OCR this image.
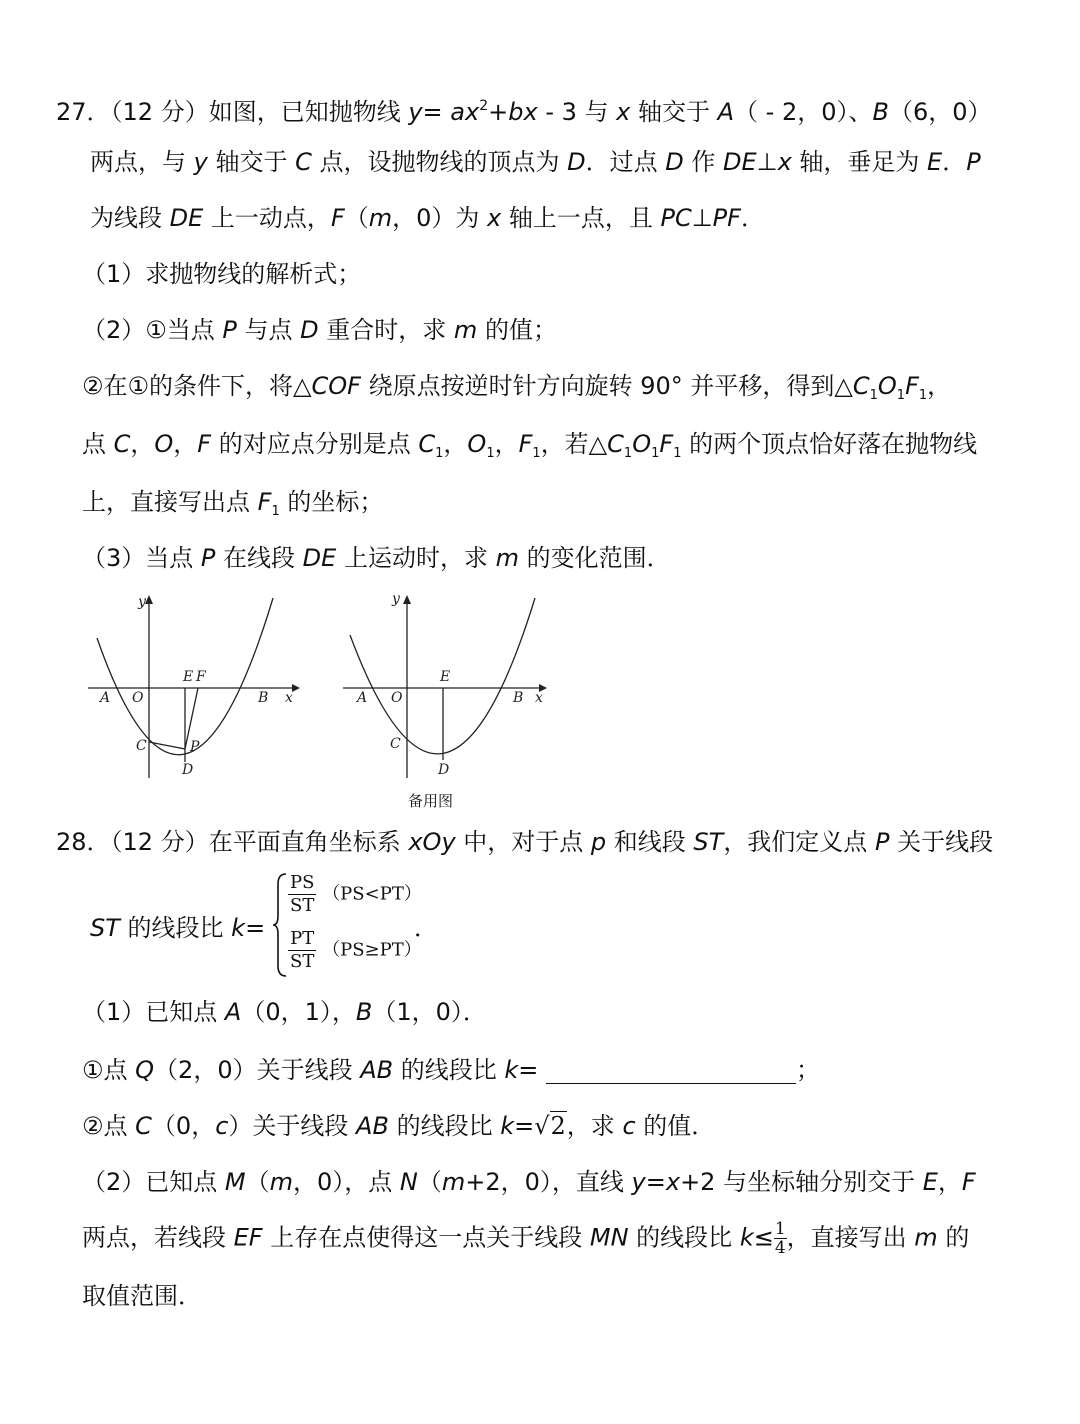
27．（12 分）如图，已知抛物线 $y= ax^2+bx - 3$ 与 x 轴交于 A（ - 2，0）、B（6，0）
两点，与 y 轴交于 C 点，设抛物线的顶点为 D．过点 D 作 DE⊥x 轴，垂足为 E．P
为线段 DE 上一动点，F（m，0）为 x 轴上一点，且 PC⊥PF．
（1）求抛物线的解析式；
（2）①当点 P 与点 D 重合时，求 m 的值；
②在①的条件下，将△COF 绕原点按逆时针方向旋转 90° 并平移，得到$\triangle C_1O_1F_1$，
点 C，O，F 的对应点分别是点 $C_1$，$O_1$，$F_1$，若$\triangle C_1O_1F_1$ 的两个顶点恰好落在抛物线
上，直接写出点 $F_1$ 的坐标；
（3）当点 P 在线段 DE 上运动时，求 m 的变化范围．
y
x
A O	B
E F
C	P
D
y
x
A O	B
E
C
D
备用图
28．（12 分）在平面直角坐标系 xOy 中，对于点 p 和线段 ST，我们定义点 P 关于线段
ST 的线段比 k=
$\frac{PS}{ST} (PS<PT)$
$\frac{PT}{ST} (PS\ge PT)$
．
（1）已知点 A（0，1），B（1，0）．
①点 Q（2，0）关于线段 AB 的线段比 k=	；
②点 C（0，c）关于线段 AB 的线段比 k=√2，求 c 的值．
（2）已知点 M（m，0），点 N（m+2，0），直线 y=x+2 与坐标轴分别交于 E，F
两点，若线段 EF 上存在点使得这一点关于线段 MN 的线段比 $k\le \frac{1}{4}$ ，直接写出 m 的
取值范围．
